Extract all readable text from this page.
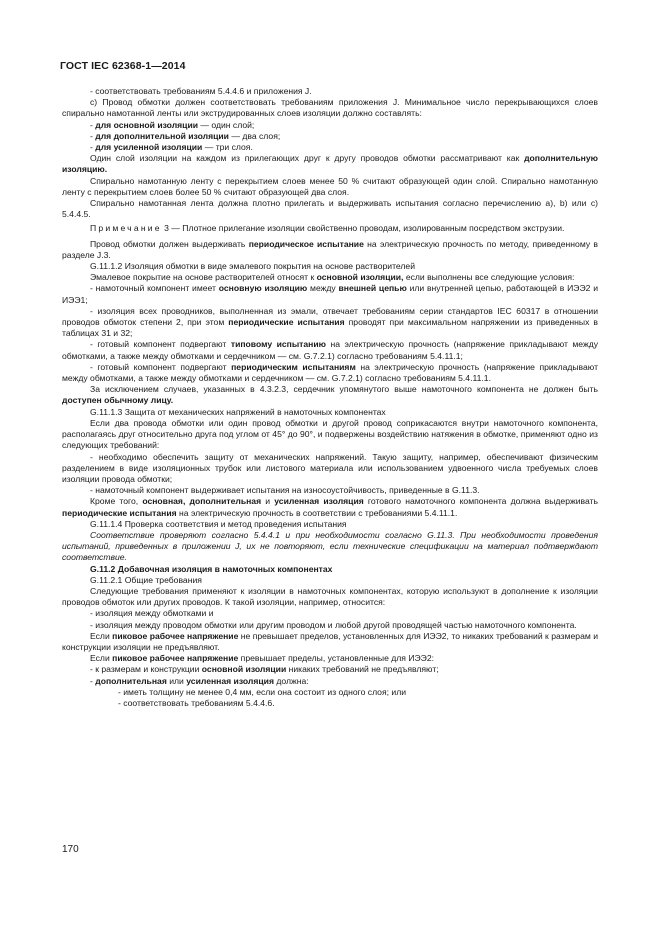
ГОСТ IEC 62368-1—2014

- соответствовать требованиям 5.4.4.6 и приложения J.

c) Провод обмотки должен соответствовать требованиям приложения J. Минимальное число перекрывающихся слоев спирально намотанной ленты или экструдированных слоев изоляции должно составлять:

- для основной изоляции — один слой;

- для дополнительной изоляции — два слоя;

- для усиленной изоляции — три слоя.

Один слой изоляции на каждом из прилегающих друг к другу проводов обмотки рассматривают как дополнительную изоляцию.

Спирально намотанную ленту с перекрытием слоев менее 50 % считают образующей один слой. Спирально намотанную ленту с перекрытием слоев более 50 % считают образующей два слоя.

Спирально намотанная лента должна плотно прилегать и выдерживать испытания согласно перечислению a), b) или c) 5.4.4.5.

Примечание 3 — Плотное прилегание изоляции свойственно проводам, изолированным посредством экструзии.

Провод обмотки должен выдерживать периодическое испытание на электрическую прочность по методу, приведенному в разделе J.3.

G.11.1.2 Изоляция обмотки в виде эмалевого покрытия на основе растворителей

Эмалевое покрытие на основе растворителей относят к основной изоляции, если выполнены все следующие условия:

- намоточный компонент имеет основную изоляцию между внешней цепью или внутренней цепью, работающей в ИЭЭ2 и ИЭЭ1;

- изоляция всех проводников, выполненная из эмали, отвечает требованиям серии стандартов IEC 60317 в отношении проводов обмоток степени 2, при этом периодические испытания проводят при максимальном напряжении из приведенных в таблицах 31 и 32;

- готовый компонент подвергают типовому испытанию на электрическую прочность (напряжение прикладывают между обмотками, а также между обмотками и сердечником — см. G.7.2.1) согласно требованиям 5.4.11.1;

- готовый компонент подвергают периодическим испытаниям на электрическую прочность (напряжение прикладывают между обмотками, а также между обмотками и сердечником — см. G.7.2.1) согласно требованиям 5.4.11.1.

За исключением случаев, указанных в 4.3.2.3, сердечник упомянутого выше намоточного компонента не должен быть доступен обычному лицу.

G.11.1.3 Защита от механических напряжений в намоточных компонентах

Если два провода обмотки или один провод обмотки и другой провод соприкасаются внутри намоточного компонента, располагаясь друг относительно друга под углом от 45° до 90°, и подвержены воздействию натяжения в обмотке, применяют одно из следующих требований:

- необходимо обеспечить защиту от механических напряжений. Такую защиту, например, обеспечивают физическим разделением в виде изоляционных трубок или листового материала или использованием удвоенного числа требуемых слоев изоляции провода обмотки;

- намоточный компонент выдерживает испытания на износоустойчивость, приведенные в G.11.3.

Кроме того, основная, дополнительная и усиленная изоляция готового намоточного компонента должна выдерживать периодические испытания на электрическую прочность в соответствии с требованиями 5.4.11.1.

G.11.1.4 Проверка соответствия и метод проведения испытания

Соответствие проверяют согласно 5.4.4.1 и при необходимости согласно G.11.3. При необходимости проведения испытаний, приведенных в приложении J, их не повторяют, если технические спецификации на материал подтверждают соответствие.

G.11.2 Добавочная изоляция в намоточных компонентах

G.11.2.1 Общие требования

Следующие требования применяют к изоляции в намоточных компонентах, которую используют в дополнение к изоляции проводов обмоток или других проводов. К такой изоляции, например, относится:

- изоляция между обмотками и

- изоляция между проводом обмотки или другим проводом и любой другой проводящей частью намоточного компонента.

Если пиковое рабочее напряжение не превышает пределов, установленных для ИЭЭ2, то никаких требований к размерам и конструкции изоляции не предъявляют.

Если пиковое рабочее напряжение превышает пределы, установленные для ИЭЭ2:

- к размерам и конструкции основной изоляции никаких требований не предъявляют;

- дополнительная или усиленная изоляция должна:

- иметь толщину не менее 0,4 мм, если она состоит из одного слоя; или

- соответствовать требованиям 5.4.4.6.

170
